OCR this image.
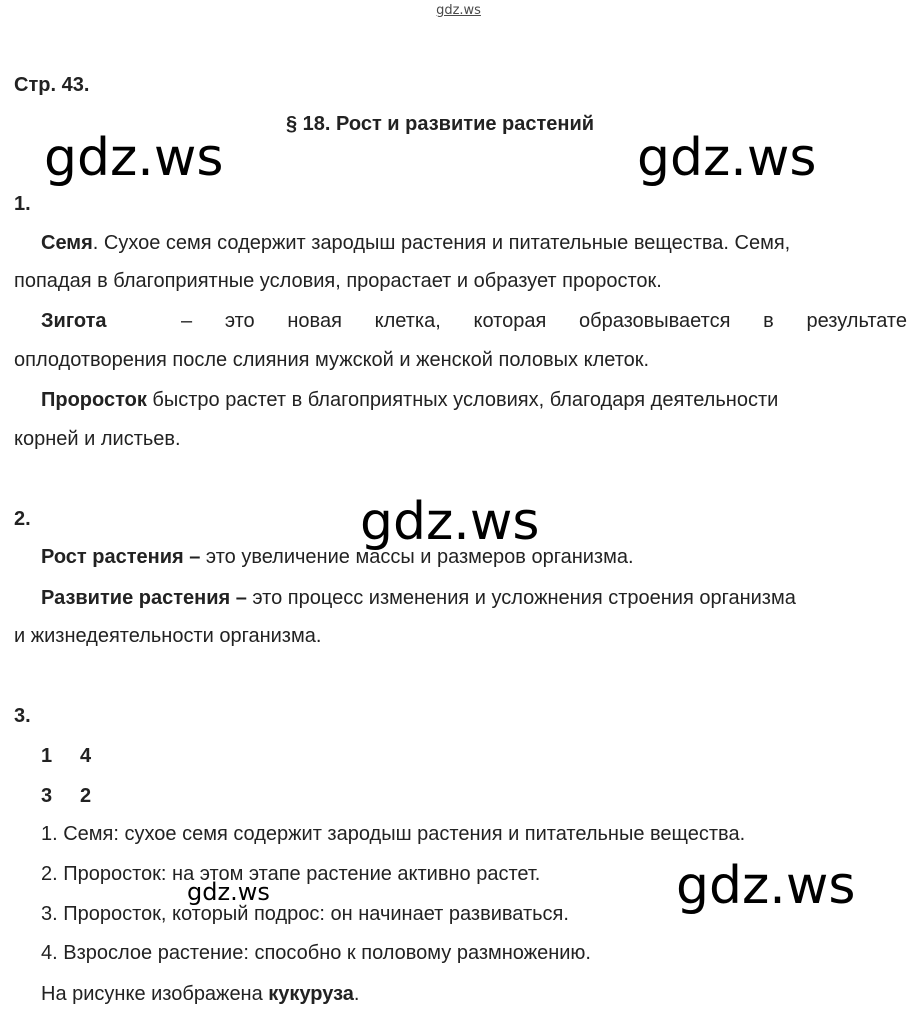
gdz.ws
Стр. 43.
§ 18. Рост и развитие растений
1.
Семя. Сухое семя содержит зародыш растения и питательные вещества. Семя,
попадая в благоприятные условия, прорастает и образует проросток.
Зигота	– это новая клетка, которая образовывается в результате
оплодотворения после слияния мужской и женской половых клеток.
Проросток быстро растет в благоприятных условиях, благодаря деятельности
корней и листьев.
2.
Рост растения – это увеличение массы и размеров организма.
Развитие растения – это процесс изменения и усложнения строения организма
и жизнедеятельности организма.
3.
1 4
3 2
1. Семя: сухое семя содержит зародыш растения и питательные вещества.
2. Проросток: на этом этапе растение активно растет.
3. Проросток, который подрос: он начинает развиваться.
4. Взрослое растение: способно к половому размножению.
На рисунке изображена кукуруза.
gdz.ws	gdz.ws
gdz.ws
gdz.ws
gdz.ws
